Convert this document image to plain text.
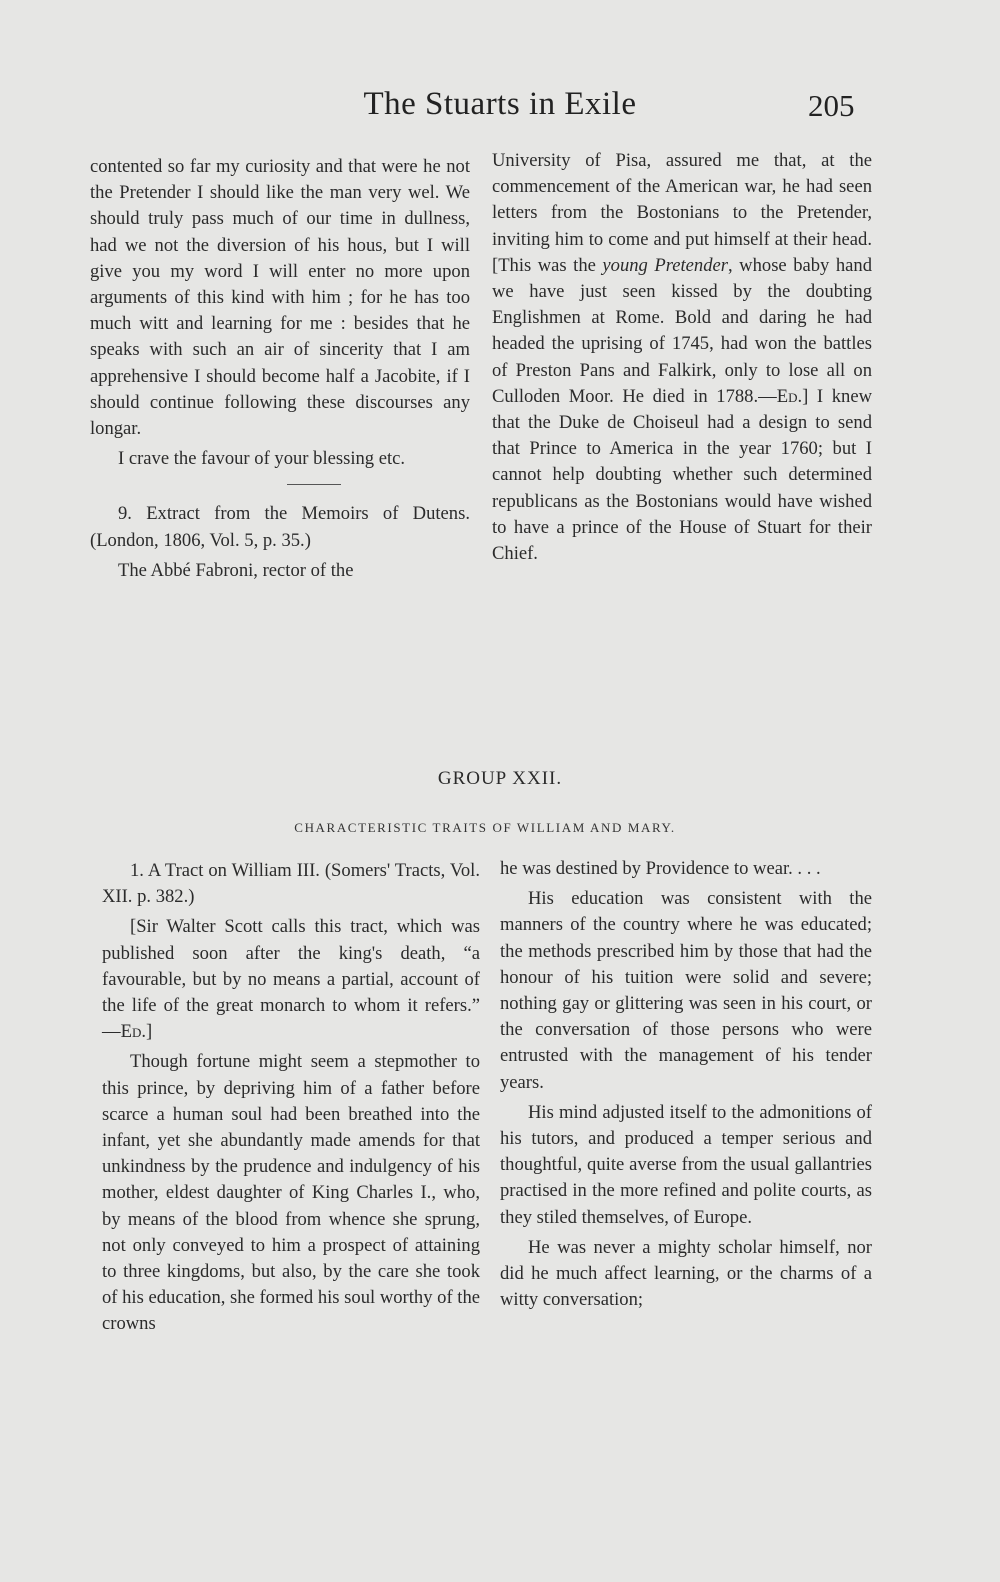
The Stuarts in Exile	205

contented so far my curiosity and that were he not the Pretender I should like the man very wel. We should truly pass much of our time in dullness, had we not the diversion of his hous, but I will give you my word I will enter no more upon arguments of this kind with him ; for he has too much witt and learning for me : besides that he speaks with such an air of sincerity that I am apprehensive I should become half a Jacobite, if I should continue following these discourses any longar.

I crave the favour of your blessing etc.

9. Extract from the Memoirs of Dutens. (London, 1806, Vol. 5, p. 35.)

The Abbé Fabroni, rector of the

University of Pisa, assured me that, at the commencement of the American war, he had seen letters from the Bostonians to the Pretender, inviting him to come and put himself at their head. [This was the young Pretender, whose baby hand we have just seen kissed by the doubting Englishmen at Rome. Bold and daring he had headed the uprising of 1745, had won the battles of Preston Pans and Falkirk, only to lose all on Culloden Moor. He died in 1788.—Ed.] I knew that the Duke de Choiseul had a design to send that Prince to America in the year 1760; but I cannot help doubting whether such determined republicans as the Bostonians would have wished to have a prince of the House of Stuart for their Chief.

GROUP XXII.
CHARACTERISTIC TRAITS OF WILLIAM AND MARY.

1. A Tract on William III. (Somers' Tracts, Vol. XII. p. 382.)

[Sir Walter Scott calls this tract, which was published soon after the king's death, “a favourable, but by no means a partial, account of the life of the great monarch to whom it refers.” —Ed.]

Though fortune might seem a stepmother to this prince, by depriving him of a father before scarce a human soul had been breathed into the infant, yet she abundantly made amends for that unkindness by the prudence and indulgency of his mother, eldest daughter of King Charles I., who, by means of the blood from whence she sprung, not only conveyed to him a prospect of attaining to three kingdoms, but also, by the care she took of his education, she formed his soul worthy of the crowns

he was destined by Providence to wear. . . .

His education was consistent with the manners of the country where he was educated; the methods prescribed him by those that had the honour of his tuition were solid and severe; nothing gay or glittering was seen in his court, or the conversation of those persons who were entrusted with the management of his tender years.

His mind adjusted itself to the admonitions of his tutors, and produced a temper serious and thoughtful, quite averse from the usual gallantries practised in the more refined and polite courts, as they stiled themselves, of Europe.

He was never a mighty scholar himself, nor did he much affect learning, or the charms of a witty conversation;
